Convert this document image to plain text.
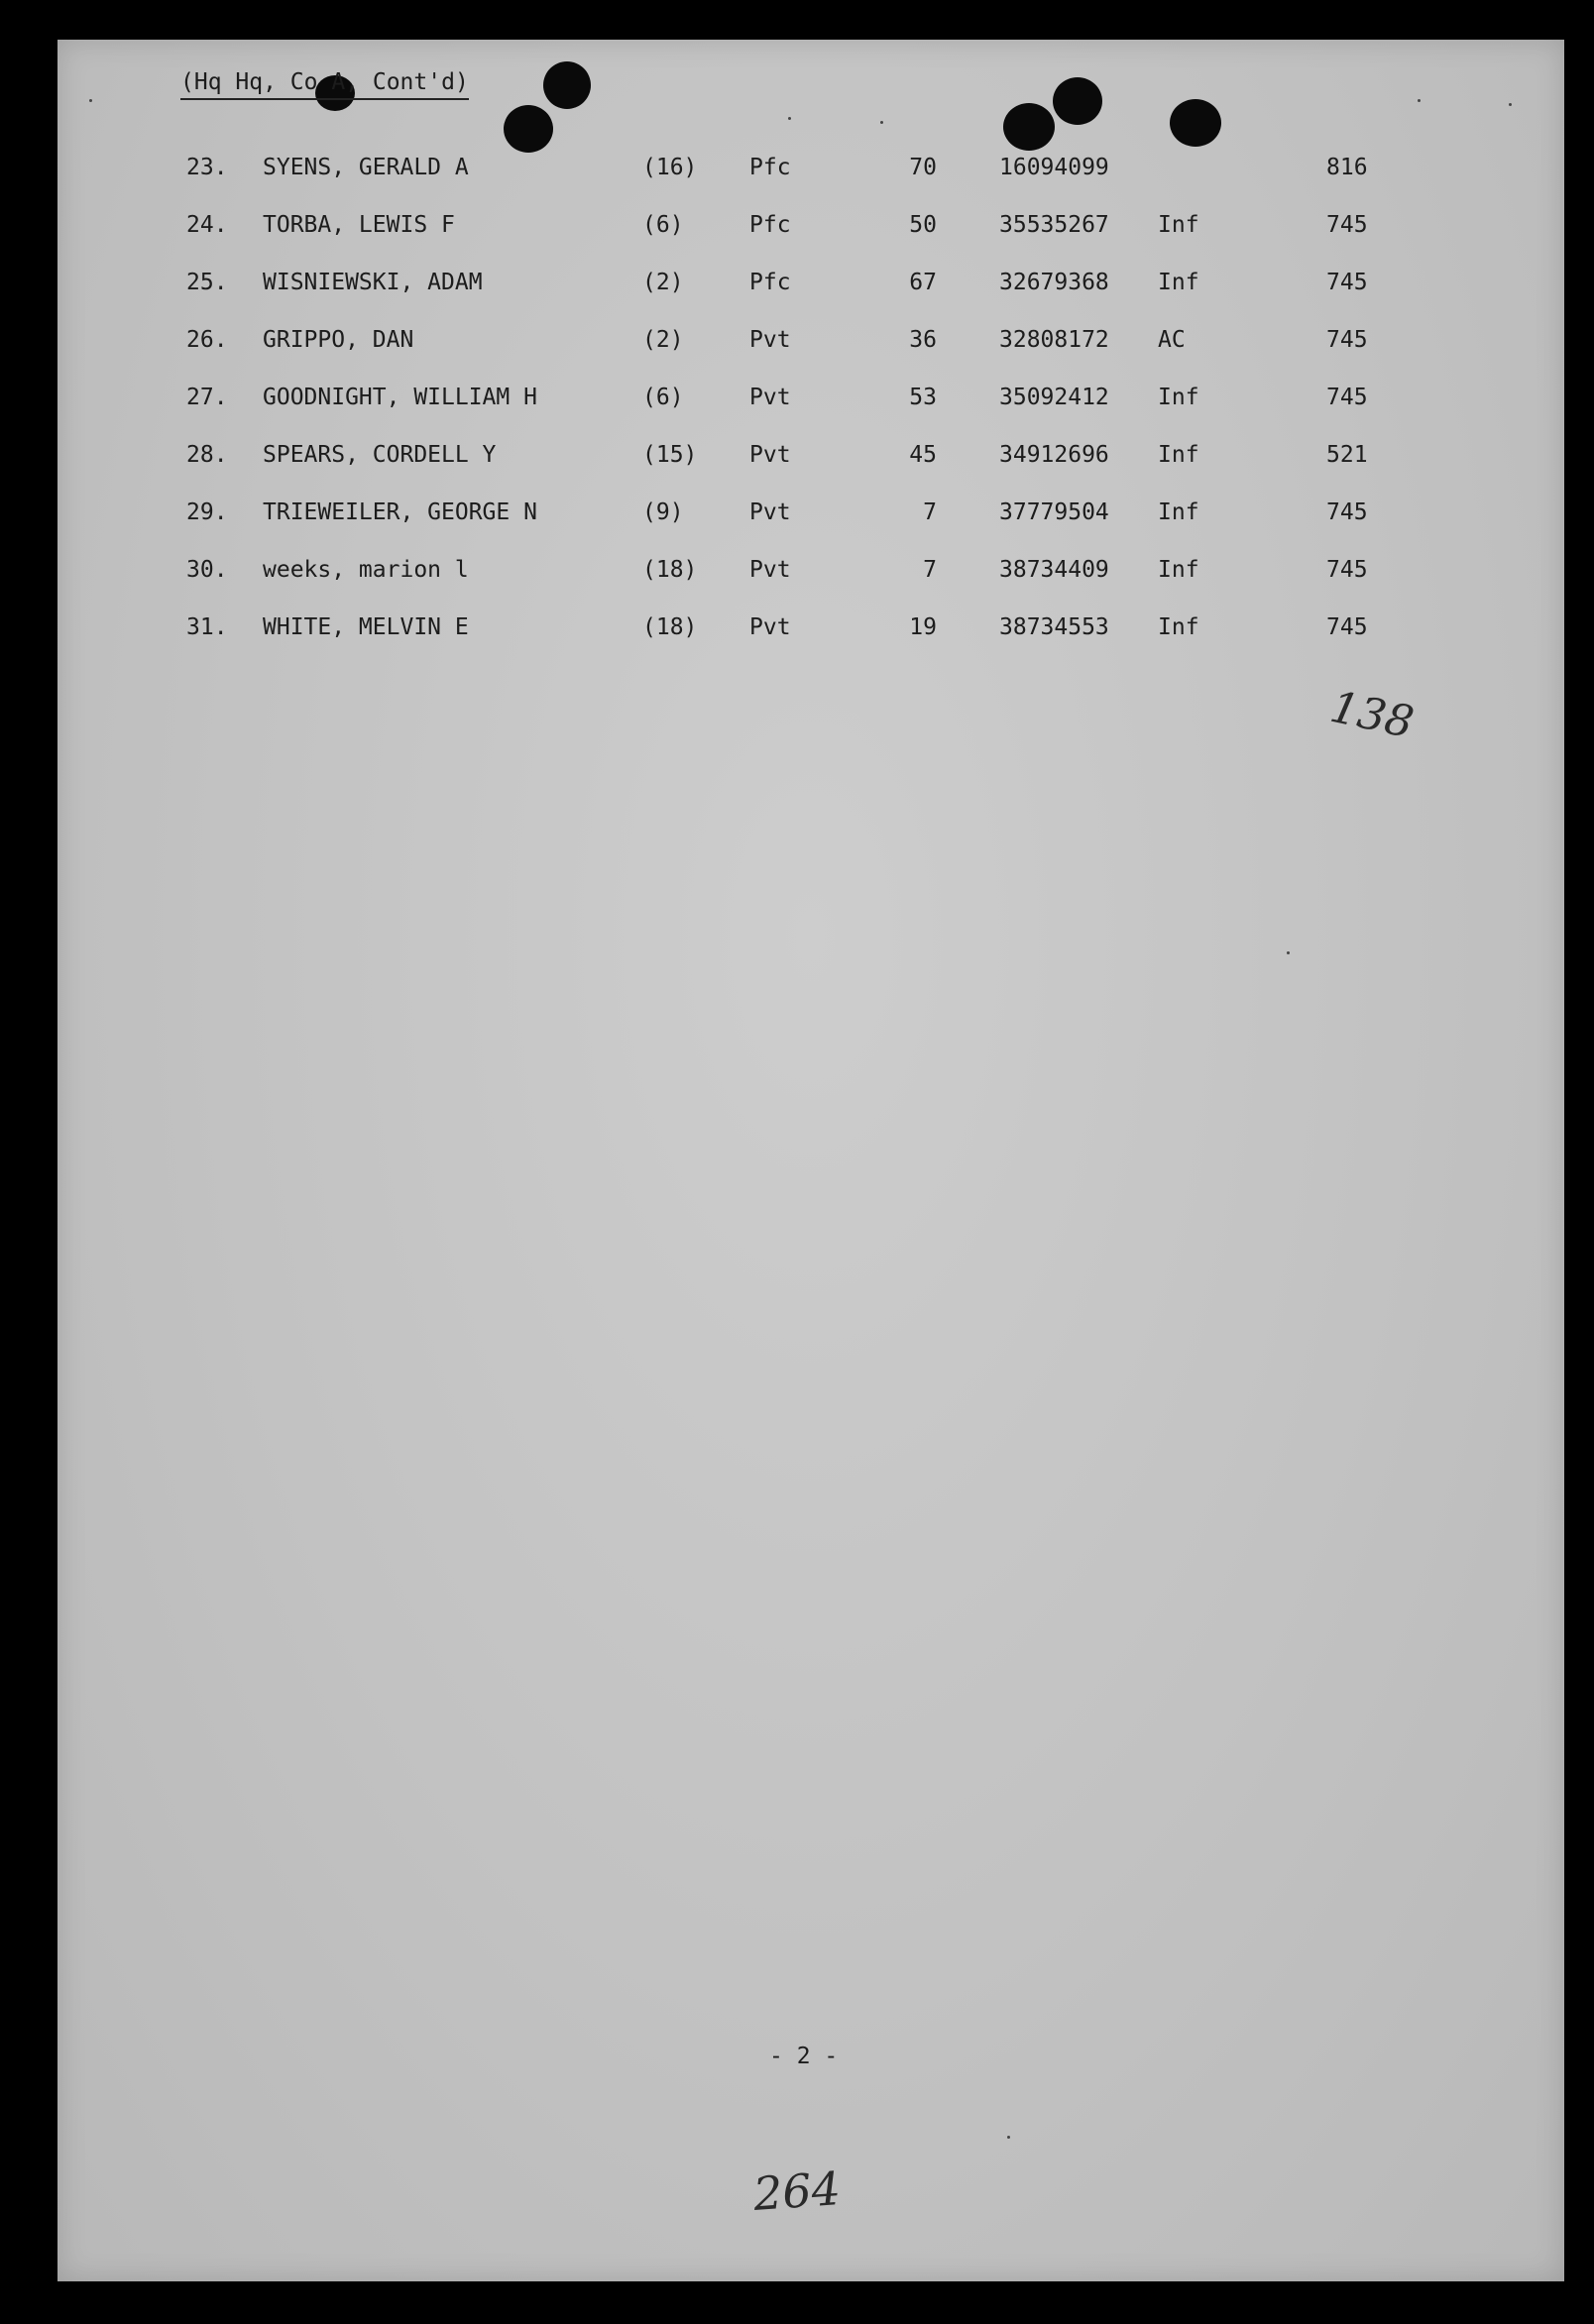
(Hq Hq, Co A, Cont'd)
23. SYENS, GERALD A	(16) Pfc	70	16094099	816
24. TORBA, LEWIS F	(6)	Pfc	50	35535267 Inf	745
25. WISNIEWSKI, ADAM	(2)	Pfc	67	32679368 Inf	745
26. GRIPPO, DAN	(2)	Pvt	36	32808172 AC	745
27. GOODNIGHT, WILLIAM H	(6)	Pvt	53	35092412 Inf	745
28. SPEARS, CORDELL Y	(15) Pvt	45	34912696 Inf	521
29. TRIEWEILER, GEORGE N	(9)	Pvt	7	37779504 Inf	745
30. weeks, marion l	(18) Pvt	7	38734409 Inf	745
31. WHITE, MELVIN E	(18) Pvt	19	38734553 Inf	745
138
- 2 -
264
